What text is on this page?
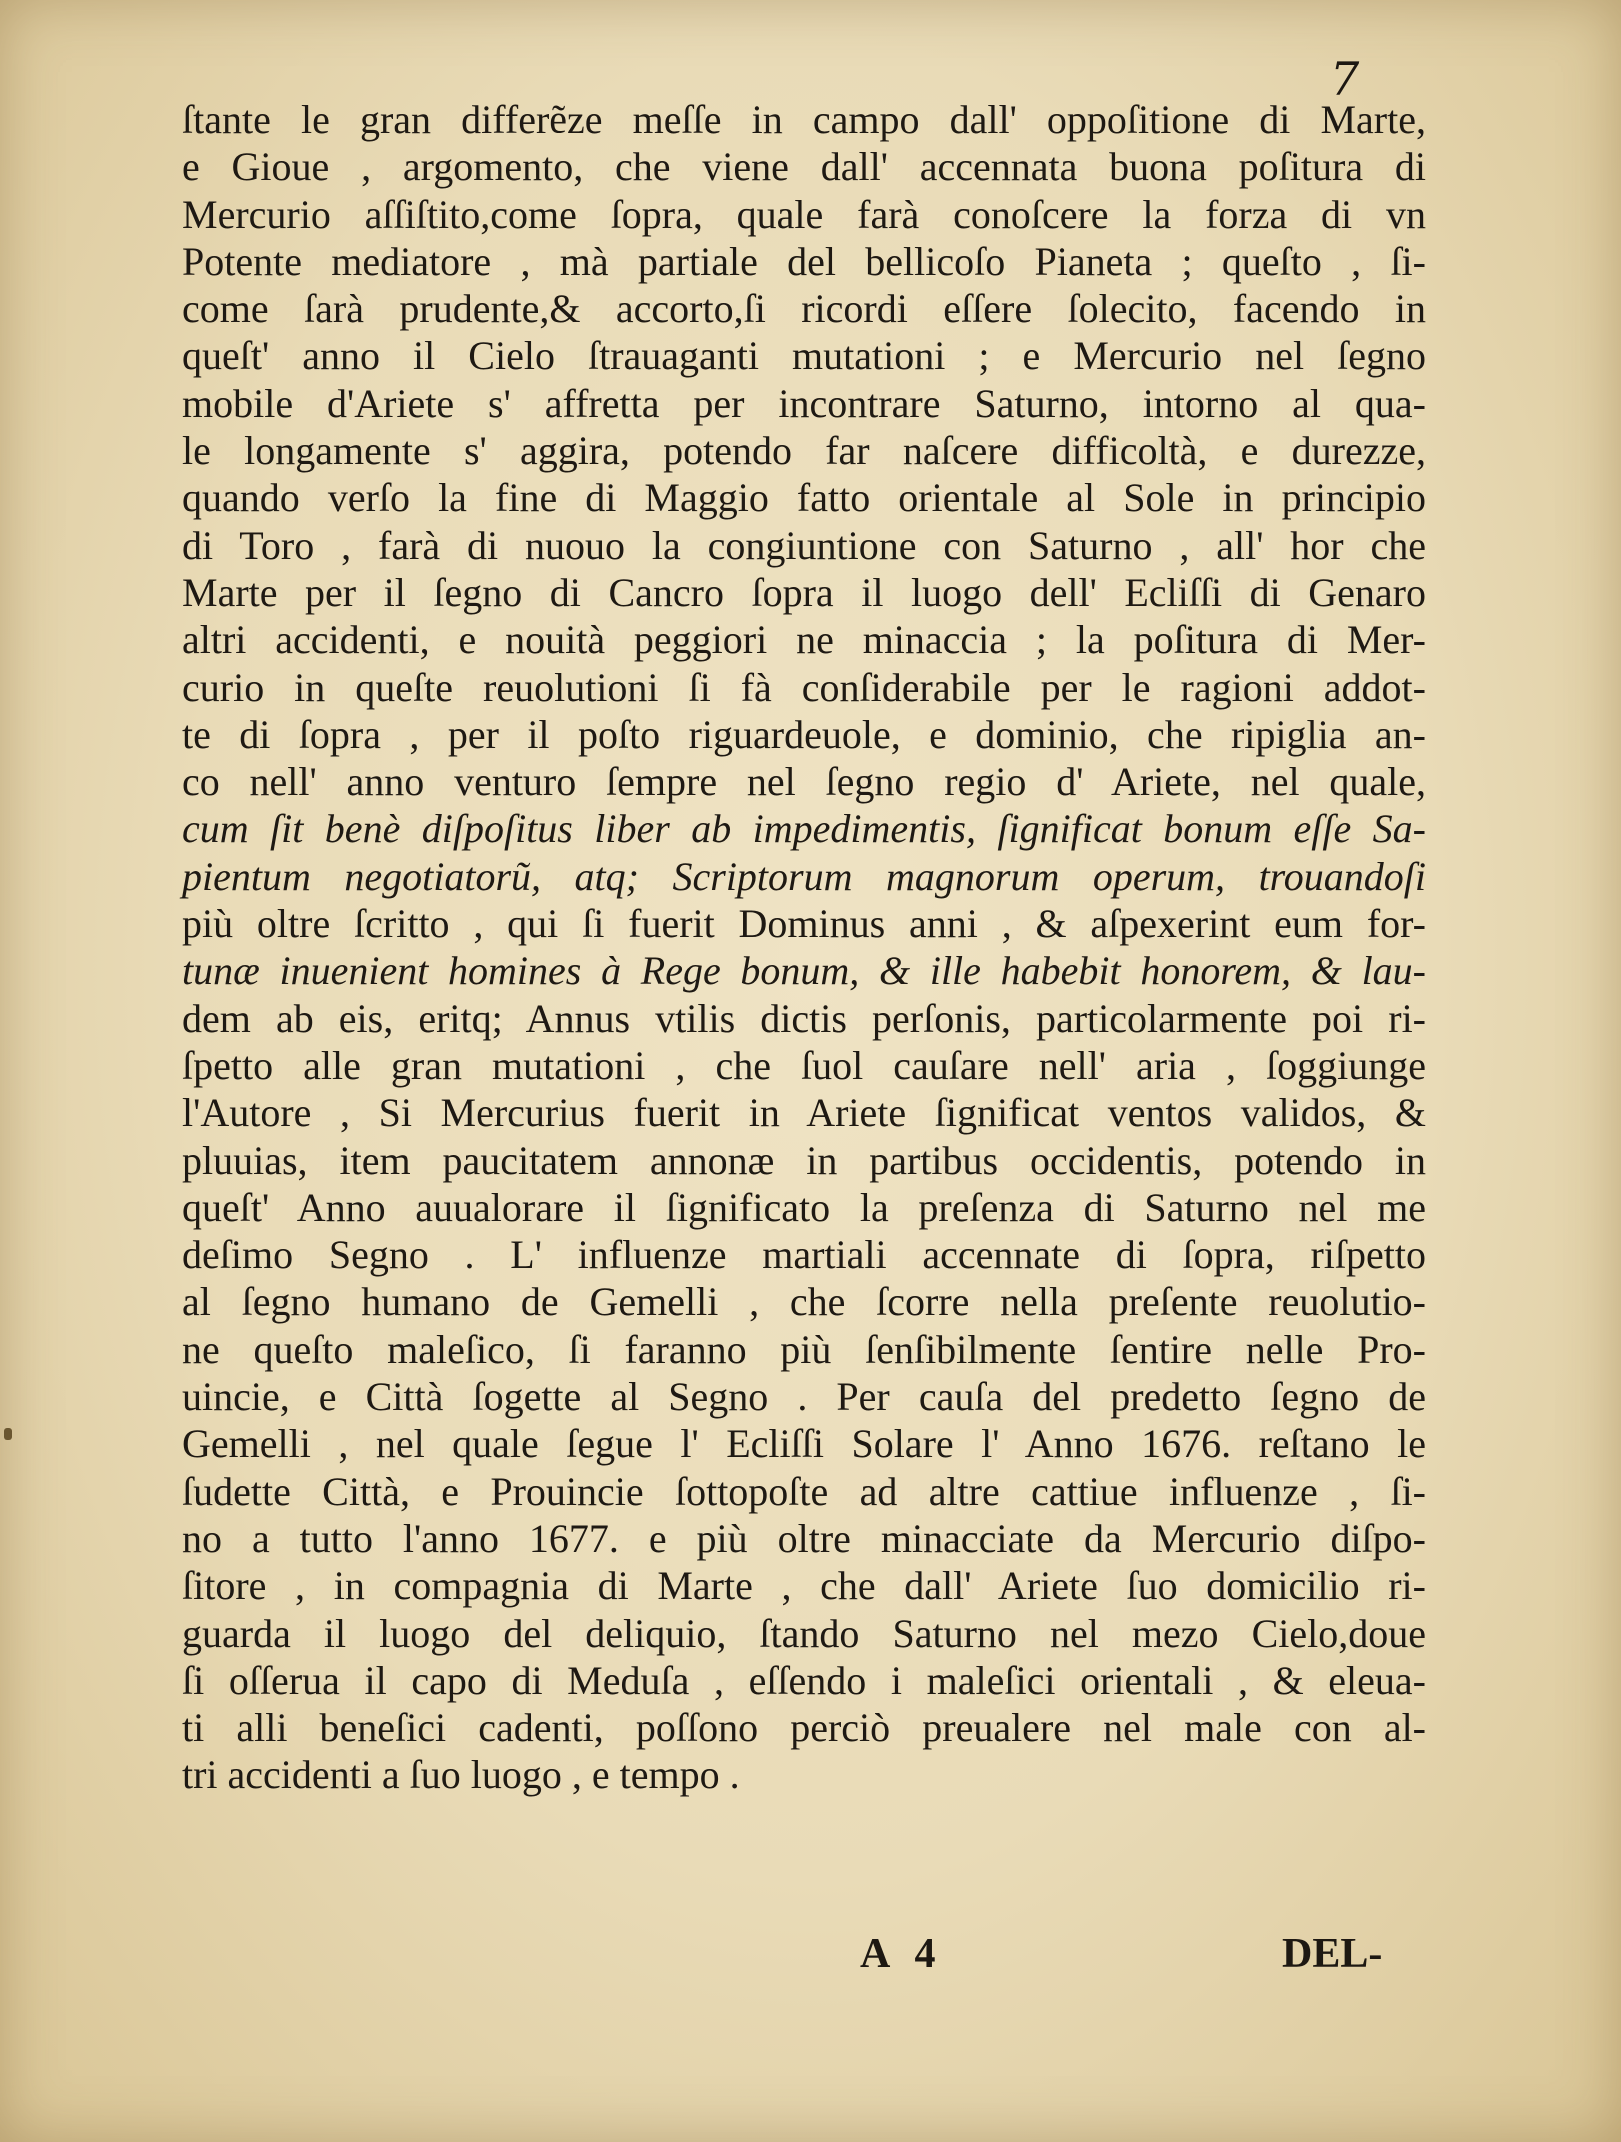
7
ſtante le gran differẽze meſſe in campo dall' oppoſitione di Marte,
e Gioue , argomento, che viene dall' accennata buona poſitura di
Mercurio aſſiſtito,come ſopra, quale farà conoſcere la forza di vn
Potente mediatore , mà partiale del bellicoſo Pianeta ; queſto , ſi-
come ſarà prudente,& accorto,ſi ricordi eſſere ſolecito, facendo in
queſt' anno il Cielo ſtrauaganti mutationi ; e Mercurio nel ſegno
mobile d'Ariete s' affretta per incontrare Saturno, intorno al qua-
le longamente s' aggira, potendo far naſcere difficoltà, e durezze,
quando verſo la fine di Maggio fatto orientale al Sole in principio
di Toro , farà di nuouo la congiuntione con Saturno , all' hor che
Marte per il ſegno di Cancro ſopra il luogo dell' Ecliſſi di Genaro
altri accidenti, e nouità peggiori ne minaccia ; la poſitura di Mer-
curio in queſte reuolutioni ſi fà conſiderabile per le ragioni addot-
te di ſopra , per il poſto riguardeuole, e dominio, che ripiglia an-
co nell' anno venturo ſempre nel ſegno regio d' Ariete, nel quale,
cum ſit benè diſpoſitus liber ab impedimentis, ſignificat bonum eſſe Sa-
pientum negotiatorũ, atq; Scriptorum magnorum operum, trouandoſi
più oltre ſcritto , qui ſi fuerit Dominus anni , & aſpexerint eum for-
tunæ inuenient homines à Rege bonum, & ille habebit honorem, & lau-
dem ab eis, eritq; Annus vtilis dictis perſonis, particolarmente poi ri-
ſpetto alle gran mutationi , che ſuol cauſare nell' aria , ſoggiunge
l'Autore , Si Mercurius fuerit in Ariete ſignificat ventos validos, &
pluuias, item paucitatem annonæ in partibus occidentis, potendo in
queſt' Anno auualorare il ſignificato la preſenza di Saturno nel me
deſimo Segno . L' influenze martiali accennate di ſopra, riſpetto
al ſegno humano de Gemelli , che ſcorre nella preſente reuolutio-
ne queſto maleſico, ſi faranno più ſenſibilmente ſentire nelle Pro-
uincie, e Città ſogette al Segno . Per cauſa del predetto ſegno de
Gemelli , nel quale ſegue l' Ecliſſi Solare l' Anno 1676. reſtano le
ſudette Città, e Prouincie ſottopoſte ad altre cattiue influenze , ſi-
no a tutto l'anno 1677. e più oltre minacciate da Mercurio diſpo-
ſitore , in compagnia di Marte , che dall' Ariete ſuo domicilio ri-
guarda il luogo del deliquio, ſtando Saturno nel mezo Cielo,doue
ſi oſſerua il capo di Meduſa , eſſendo i maleſici orientali , & eleua-
ti alli beneſici cadenti, poſſono perciò preualere nel male con al-
tri accidenti a ſuo luogo , e tempo .
A 4	DEL-
